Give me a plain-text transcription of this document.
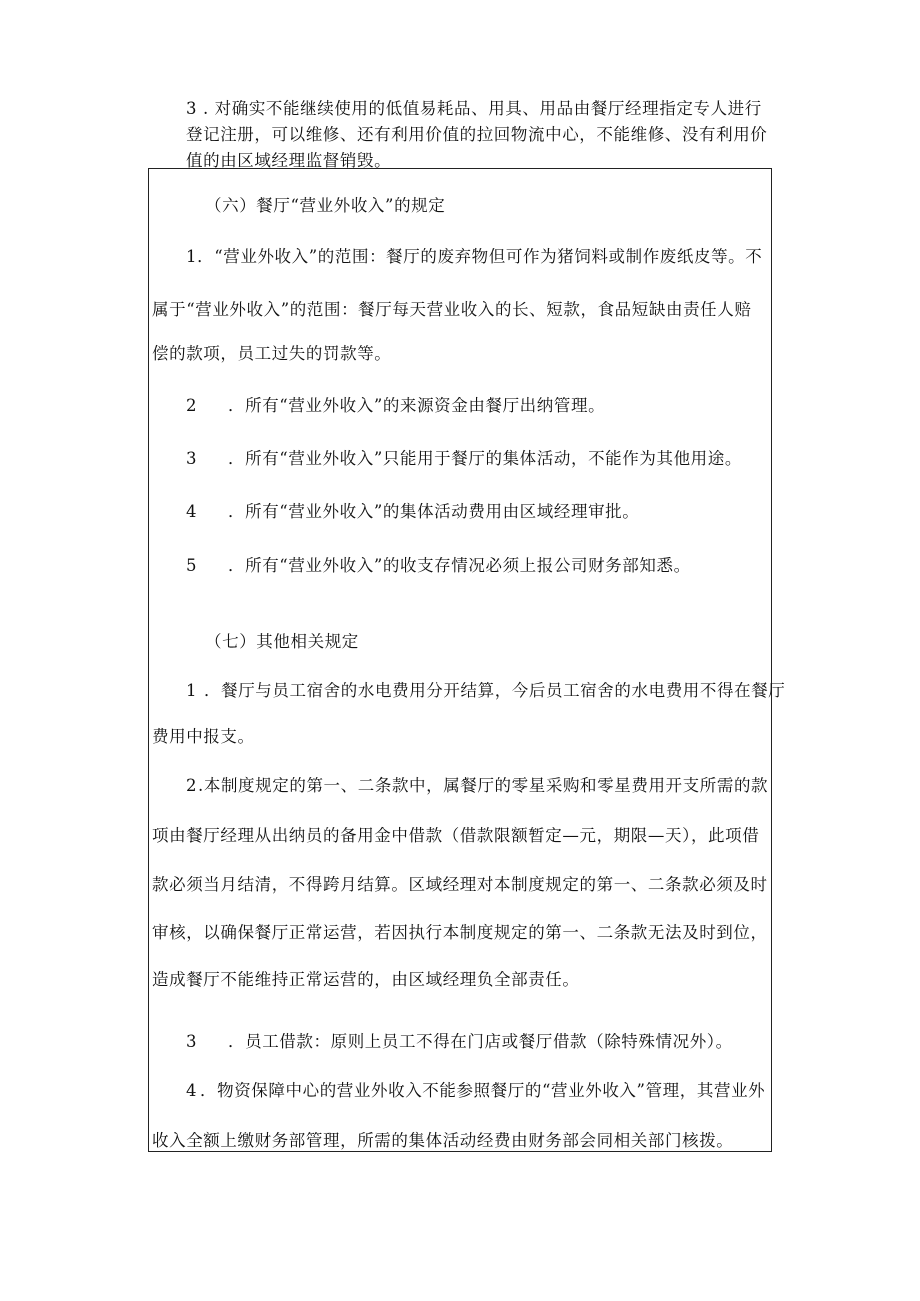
3 . 对确实不能继续使用的低值易耗品、用具、用品由餐厅经理指定专人进行登记注册，可以维修、还有利用价值的拉回物流中心，不能维修、没有利用价值的由区域经理监督销毁。

（六）餐厅“营业外收入”的规定
1．“营业外收入”的范围：餐厅的废弃物但可作为猪饲料或制作废纸皮等。不
属于“营业外收入”的范围：餐厅每天营业收入的长、短款，食品短缺由责任人赔
偿的款项，员工过失的罚款等。
2 ．所有“营业外收入”的来源资金由餐厅出纳管理。
3 ．所有“营业外收入”只能用于餐厅的集体活动，不能作为其他用途。
4 ．所有“营业外收入”的集体活动费用由区域经理审批。
5 ．所有“营业外收入”的收支存情况必须上报公司财务部知悉。
（七）其他相关规定
1 ．餐厅与员工宿舍的水电费用分开结算，今后员工宿舍的水电费用不得在餐厅
费用中报支。
2.本制度规定的第一、二条款中，属餐厅的零星采购和零星费用开支所需的款
项由餐厅经理从出纳员的备用金中借款（借款限额暂定—元，期限—天），此项借
款必须当月结清，不得跨月结算。区域经理对本制度规定的第一、二条款必须及时
审核，以确保餐厅正常运营，若因执行本制度规定的第一、二条款无法及时到位，
造成餐厅不能维持正常运营的，由区域经理负全部责任。
3 ．员工借款：原则上员工不得在门店或餐厅借款（除特殊情况外）。
4 ．物资保障中心的营业外收入不能参照餐厅的“营业外收入”管理，其营业外
收入全额上缴财务部管理，所需的集体活动经费由财务部会同相关部门核拨。
